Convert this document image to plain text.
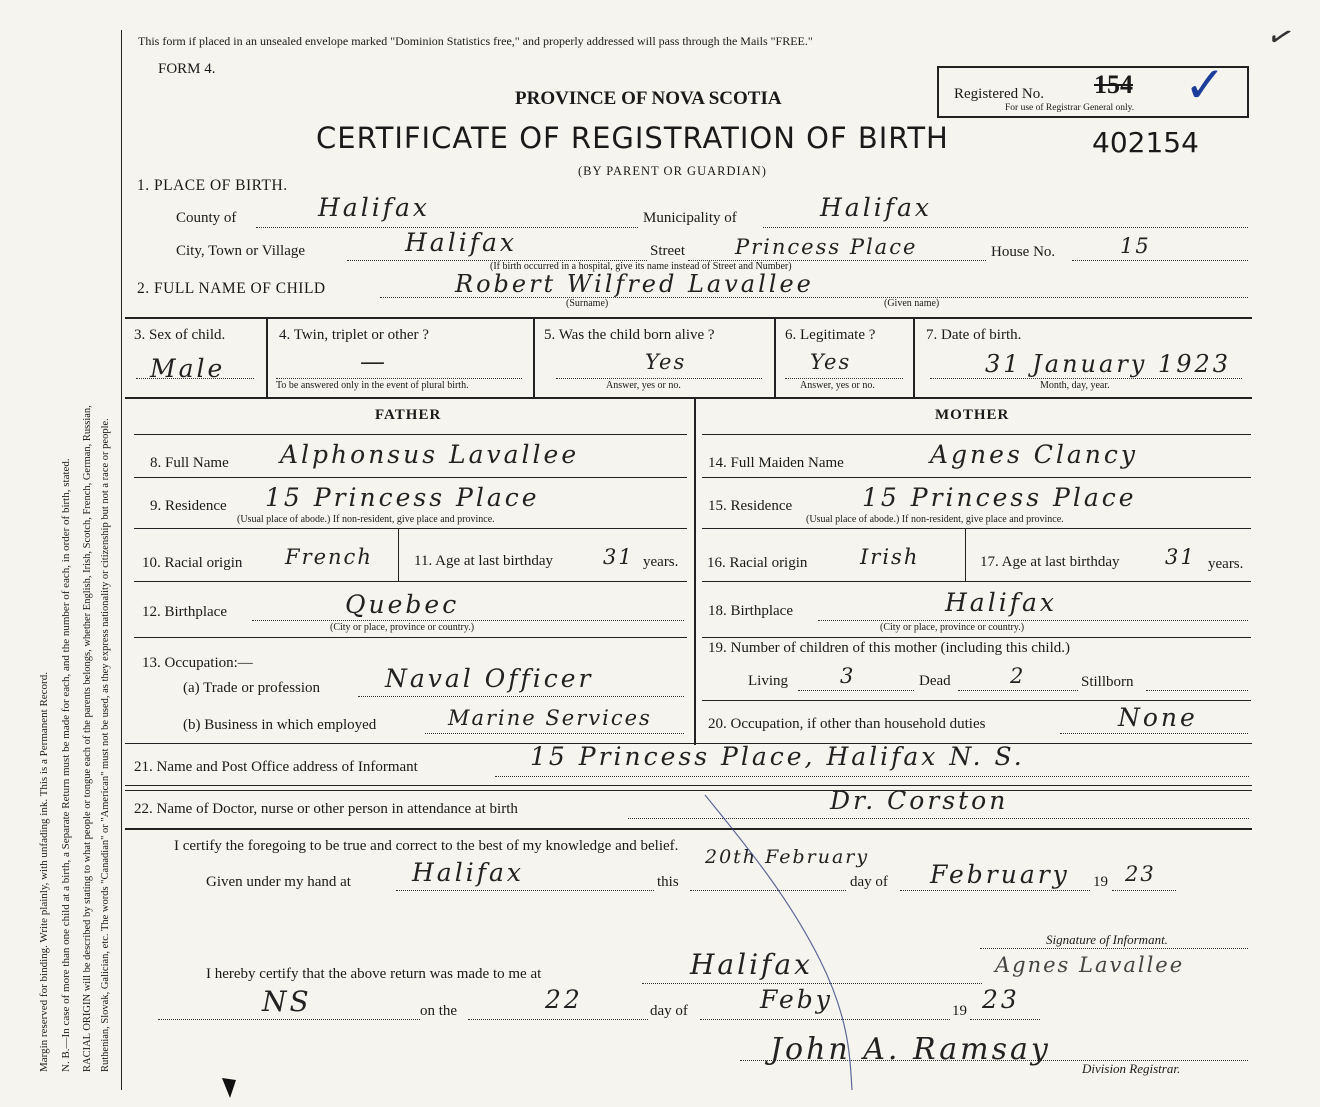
Margin reserved for binding. Write plainly, with unfading ink. This is a Permanent Record. N. B.—In case of more than one child at a birth, a Separate Return must be made for each, and the number of each, in order of birth, stated. RACIAL ORIGIN will be described by stating to what people or tongue each of the parents belongs, whether English, Irish, Scotch, French, German, Russian, Ruthenian, Slovak, Galician, etc. The words "Canadian" or "American" must not be used, as they express nationality or citizenship but not a race or people.
This form if placed in an unsealed envelope marked "Dominion Statistics free," and properly addressed will pass through the Mails "FREE."	✓
FORM 4.
PROVINCE OF NOVA SCOTIA	Registered No. 154
For use of Registrar General only. ✓
CERTIFICATE OF REGISTRATION OF BIRTH	402154
(BY PARENT OR GUARDIAN)
1. PLACE OF BIRTH.
County of	Halifax	Municipality of	Halifax
City, Town or Village	Halifax	Street Princess Place	House No.	15
(If birth occurred in a hospital, give its name instead of Street and Number)
2. FULL NAME OF CHILD	Robert Wilfred Lavallee
(Surname)	(Given name)
3. Sex of child.
Male
4. Twin, triplet or other ?
—
To be answered only in the event of plural birth.
5. Was the child born alive ?
Yes
Answer, yes or no.
6. Legitimate ?
Yes
Answer, yes or no.
7. Date of birth.
31 January 1923
Month, day, year.
FATHER	MOTHER
8. Full Name Alphonsus Lavallee
9. Residence 15 Princess Place
(Usual place of abode.) If non-resident, give place and province.
10. Racial origin French	11. Age at last birthday 31 years.
12. Birthplace	Quebec
(City or place, province or country.)
13. Occupation:—
(a) Trade or profession	Naval Officer
(b) Business in which employed	Marine Services
14. Full Maiden Name	Agnes Clancy
15. Residence	15 Princess Place
(Usual place of abode.) If non-resident, give place and province.
16. Racial origin	Irish	17. Age at last birthday 31 years.
18. Birthplace	Halifax
(City or place, province or country.)
19. Number of children of this mother (including this child.)
Living 3	Dead	2	Stillborn
20. Occupation, if other than household duties	None
21. Name and Post Office address of Informant	15 Princess Place, Halifax N. S.
22. Name of Doctor, nurse or other person in attendance at birth	Dr. Corston
I certify the foregoing to be true and correct to the best of my knowledge and belief.
Given under my hand at Halifax	this
20th February
day of February 19 23
Signature of Informant.
Agnes Lavallee
I hereby certify that the above return was made to me at	Halifax
NS	on the	22	day of	Feby	19 23
John A. Ramsay
Division Registrar.
